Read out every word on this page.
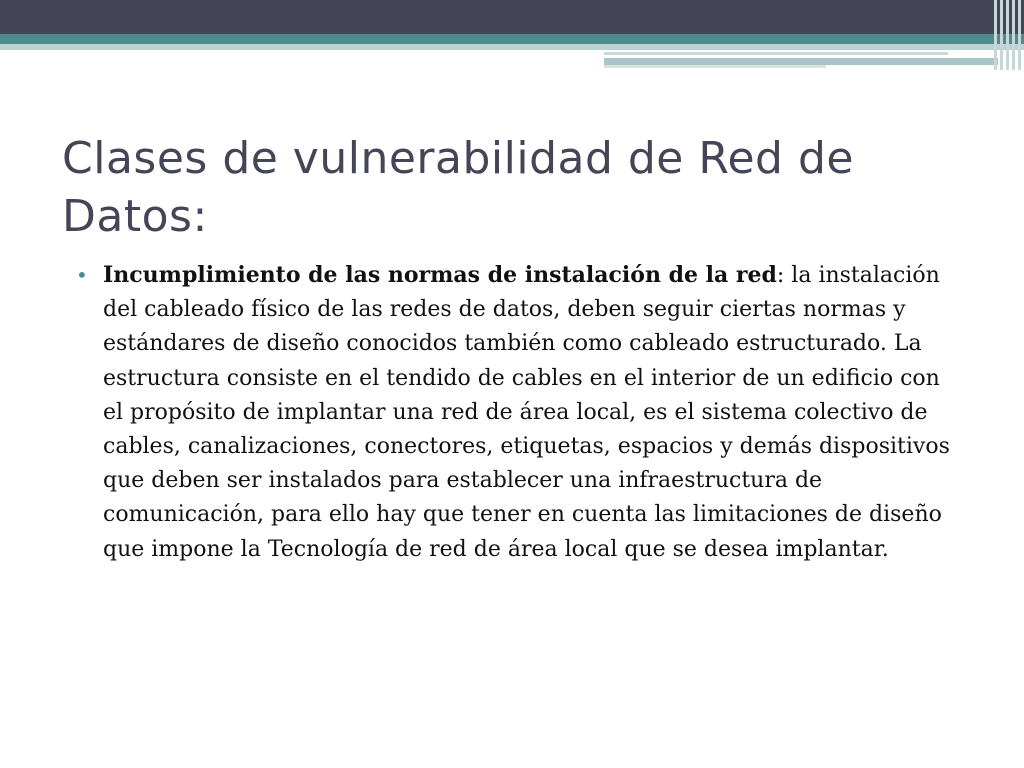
Clases de vulnerabilidad de Red de Datos:
• Incumplimiento de las normas de instalación de la red: la instalación del cableado físico de las redes de datos, deben seguir ciertas normas y estándares de diseño conocidos también como cableado estructurado. La estructura consiste en el tendido de cables en el interior de un edificio con el propósito de implantar una red de área local, es el sistema colectivo de cables, canalizaciones, conectores, etiquetas, espacios y demás dispositivos que deben ser instalados para establecer una infraestructura de comunicación, para ello hay que tener en cuenta las limitaciones de diseño que impone la Tecnología de red de área local que se desea implantar.
